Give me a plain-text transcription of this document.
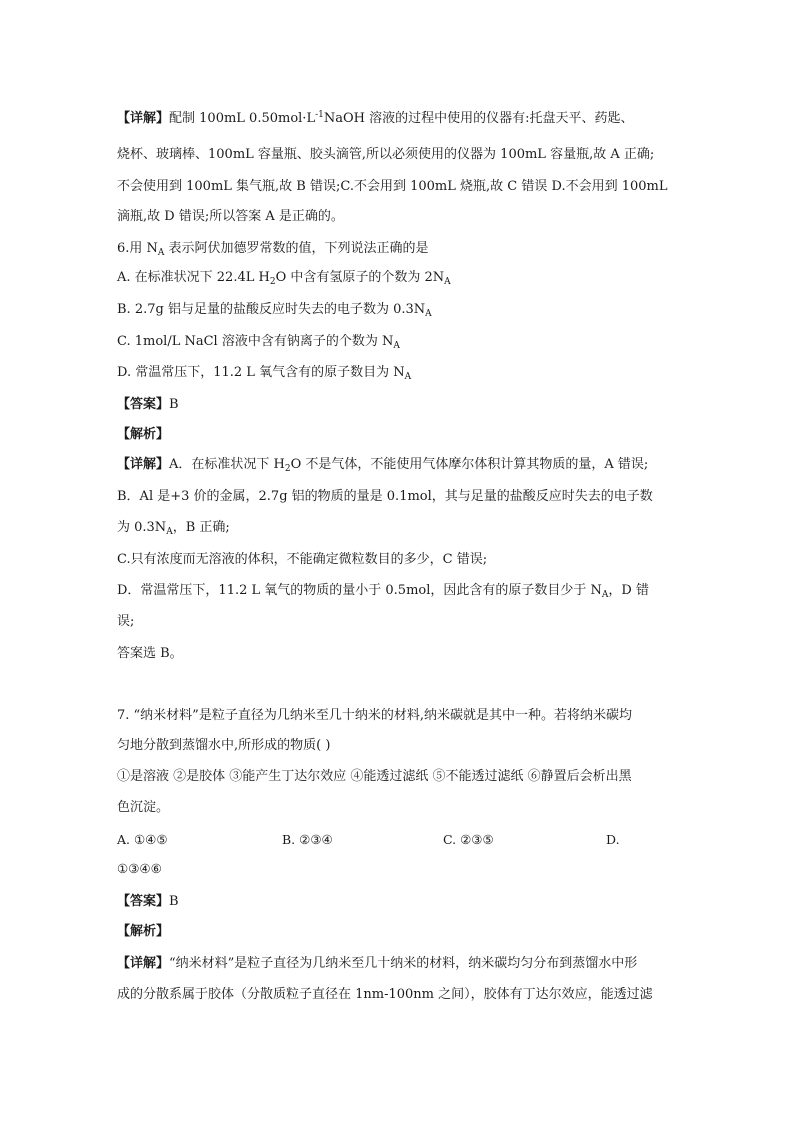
【详解】配制 100mL $0.50mol\cdot L^{-1}NaOH$ 溶液的过程中使用的仪器有:托盘天平、药匙、
烧杯、玻璃棒、100mL 容量瓶、胶头滴管,所以必须使用的仪器为 100mL 容量瓶,故 A 正确;
不会使用到 100mL 集气瓶,故 B 错误;C.不会用到 100mL 烧瓶,故 C 错误 D.不会用到 100mL
滴瓶,故 D 错误;所以答案 A 是正确的。
6.用 $N_A$ 表示阿伏加德罗常数的值，下列说法正确的是
A. 在标准状况下 22.4L $H_2O$ 中含有氢原子的个数为 $2N_A$
B. 2.7g 铝与足量的盐酸反应时失去的电子数为 $0.3N_A$
C. 1mol/L NaCl 溶液中含有钠离子的个数为 $N_A$
D. 常温常压下，11.2 L 氧气含有的原子数目为 $N_A$
【答案】B
【解析】
【详解】A．在标准状况下 $H_2O$ 不是气体，不能使用气体摩尔体积计算其物质的量，A 错误;
B．Al 是+3 价的金属，2.7g 铝的物质的量是 0.1mol，其与足量的盐酸反应时失去的电子数
为 $0.3N_A$，B 正确;
C.只有浓度而无溶液的体积，不能确定微粒数目的多少，C 错误;
D．常温常压下，11.2 L 氧气的物质的量小于 0.5mol，因此含有的原子数目少于 $N_A$，D 错
误;
答案选 B。
7. “纳米材料”是粒子直径为几纳米至几十纳米的材料,纳米碳就是其中一种。若将纳米碳均
匀地分散到蒸馏水中,所形成的物质( )
①是溶液 ②是胶体 ③能产生丁达尔效应 ④能透过滤纸 ⑤不能透过滤纸 ⑥静置后会析出黑
色沉淀。
A. ①④⑤	B. ②③④	C. ②③⑤	D.
①③④⑥
【答案】B
【解析】
【详解】“纳米材料”是粒子直径为几纳米至几十纳米的材料，纳米碳均匀分布到蒸馏水中形
成的分散系属于胶体（分散质粒子直径在 1nm-100nm 之间），胶体有丁达尔效应，能透过滤
